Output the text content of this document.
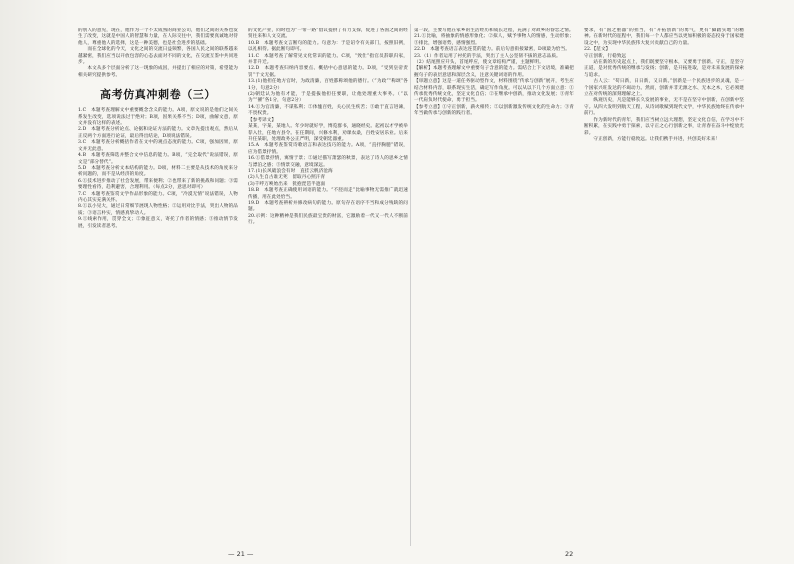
的别人的意见，现在，他作为一个不太成熟的商业公司，他们之间的关系也发生了改变，这就是中国人的智慧和力量，在人际交往中，我们需要真诚地对待他人，尊重他人的选择，这是一种美德，也是社会进步的基础。
　　而在全球化的今天，文化之间的交流日益频繁，各国人民之间的联系越来越紧密，我们应当以开放包容的心态去面对不同的文化，在交流互鉴中共同进步。
　　本文从多个层面分析了这一现象的成因，并提出了相应的对策，希望能为相关研究提供参考。
高考仿真冲刺卷（三）
1.C　本题考查理解文中重要概念含义的能力。A项，原文说的是他们之间关系发生改变，选项说法过于绝对；B项，因果关系不当；D项，曲解文意，原文并没有这样的表述。
2.D　本题考查分析论点、论据和论证方法的能力。文章先提出观点，然后从正反两个方面进行论证，最后得出结论，D项说法错误。
3.C　本题考查分析概括作者在文中的观点态度的能力。C项，强加因果，原文并无此意。
4.B　本题考查筛选并整合文中信息的能力。B项，“完全取代”说法错误，原文是“部分替代”。
5.D　本题考查分析文本结构的能力。D项，材料二主要是从技术的角度来分析问题的，而不是从经济的角度。
6.①技术进步推动了社会发展，带来便利；②也带来了新的挑战和问题；③需要理性看待，趋利避害，合理利用。（每点2分，意思对即可）
7.C　本题考查鉴赏文学作品形象的能力。C项，“冷漠无情”说法错误，人物内心其实充满关怀。
8.①以小见大，通过日常细节展现人物性格；②运用对比手法，突出人物的品质；③语言朴实，情感真挚动人。
9.①线索作用，贯穿全文；②象征意义，寄托了作者的情感；③推动情节发展，引发读者思考。
的文化产业，同时也为“一带一路”倡议提供了有力支撑，促进了各国之间的经贸往来和人文交流。
10.B　本题考查文言断句的能力。句意为：于是诏令有关部门，按照旧例，以礼相待。据此断句即可。
11.C　本题考查了解常见文化常识的能力。C项，“致仕”指官员辞职归家，并非升迁。
12.D　本题考查归纳内容要点、概括中心意思的能力。D项，“受到皇帝责罚”于文无据。
13.(1)他担任地方官时，为政清廉，百姓都称颂他的德行。（“为政”“称颂”各1分，句意2分）
(2)朝廷认为他有才能，于是提拔他担任要职，让他处理重大事务。（“以为”“擢”各1分，句意2分）
14.①为官清廉，不谋私利；②体恤百姓，关心民生疾苦；③敢于直言进谏，不畏权贵。
【参考译文】
某某，字某，某地人。年少时就好学，博览群书，通晓经史。起初以才学被举荐入仕，任地方县令。在任期间，兴修水利，劝课农桑，百姓安居乐业。后来升任某职，处理政务公正严明，深受朝廷器重。
15.A　本题考查鉴赏诗歌语言和表达技巧的能力。A项，“直抒胸臆”错误，应为借景抒情。
16.①借景抒情，寓情于景；②通过描写萧瑟的秋景，表达了诗人的思乡之情与漂泊之感；③情景交融，意境深远。
17.(1)长风破浪会有时　直挂云帆济沧海
(2)人生自古谁无死　留取丹心照汗青
(3)千呼万唤始出来　犹抱琵琶半遮面
18.B　本题考查正确使用词语的能力。“不胫而走”比喻事物无需推广就迅速传播，用在此处恰当。
19.D　本题考查辨析并修改病句的能力。原句存在语序不当和成分残缺的问题。
20.示例：这种精神是我们民族最宝贵的财富，它激励着一代又一代人不断前行。
第一段，主要写他在家乡的生活经历和成长过程，充满了对故乡的眷恋之情。
21.①比喻，将抽象的情感形象化；②拟人，赋予事物人的情感，生动形象；③排比，增强语势，感情强烈。
22.D　本题考查语言表达连贯的能力。前后句意衔接紧密，D项最为恰当。
23.（1）作者运用了衬托的手法，突出了主人公坚韧不拔的意志品质。
（2）结尾照应开头，首尾呼应，使文章结构严谨，主题鲜明。
【解析】本题考查理解文中重要句子含意的能力。需结合上下文语境，准确把握句子的表层意思和深层含义，注意关键词语的作用。
【审题立意】这是一道任务驱动型作文，材料围绕“传承与创新”展开，考生应结合材料内容，联系现实生活，确定写作角度。可以从以下几个方面立意：①传承优秀传统文化，坚定文化自信；②在继承中创新，推动文化发展；③青年一代肩负时代使命，勇于担当。
【参考立意】①守正创新，薪火相传；②以创新激发传统文化的生命力；③青年当做传承与创新的践行者。
要求，有“国之重器”的担当，有“开拓创新”的勇气，更有“脚踏实地”的精神。在新时代的征程中，我们每一个人都应当以更加积极的姿态投身于国家建设之中，为实现中华民族伟大复兴贡献自己的力量。
22.【范文】
守正创新，行稳致远
　　站在新的历史起点上，我们既要坚守根本，又要勇于创新。守正，是坚守正道，是对优秀传统的继承与发扬；创新，是开拓进取，是对未来发展的探索与追求。
　　古人云：“苟日新，日日新，又日新。”创新是一个民族进步的灵魂，是一个国家兴旺发达的不竭动力。然而，创新并非无源之水、无本之木，它必须建立在对传统的深刻理解之上。
　　纵观历史，凡是能够长久发展的事业，无不是在坚守中创新，在创新中坚守。从四大发明到航天工程，从诗词歌赋到现代文学，中华民族始终在传承中前行。
　　作为新时代的青年，我们应当树立远大理想，坚定文化自信，在学习中不断积累，在实践中勇于探索，以守正之心行创新之事，让青春在奋斗中绽放光彩。
　　守正创新，方能行稳致远。让我们携手并进，共创美好未来！
— 21 —	22
